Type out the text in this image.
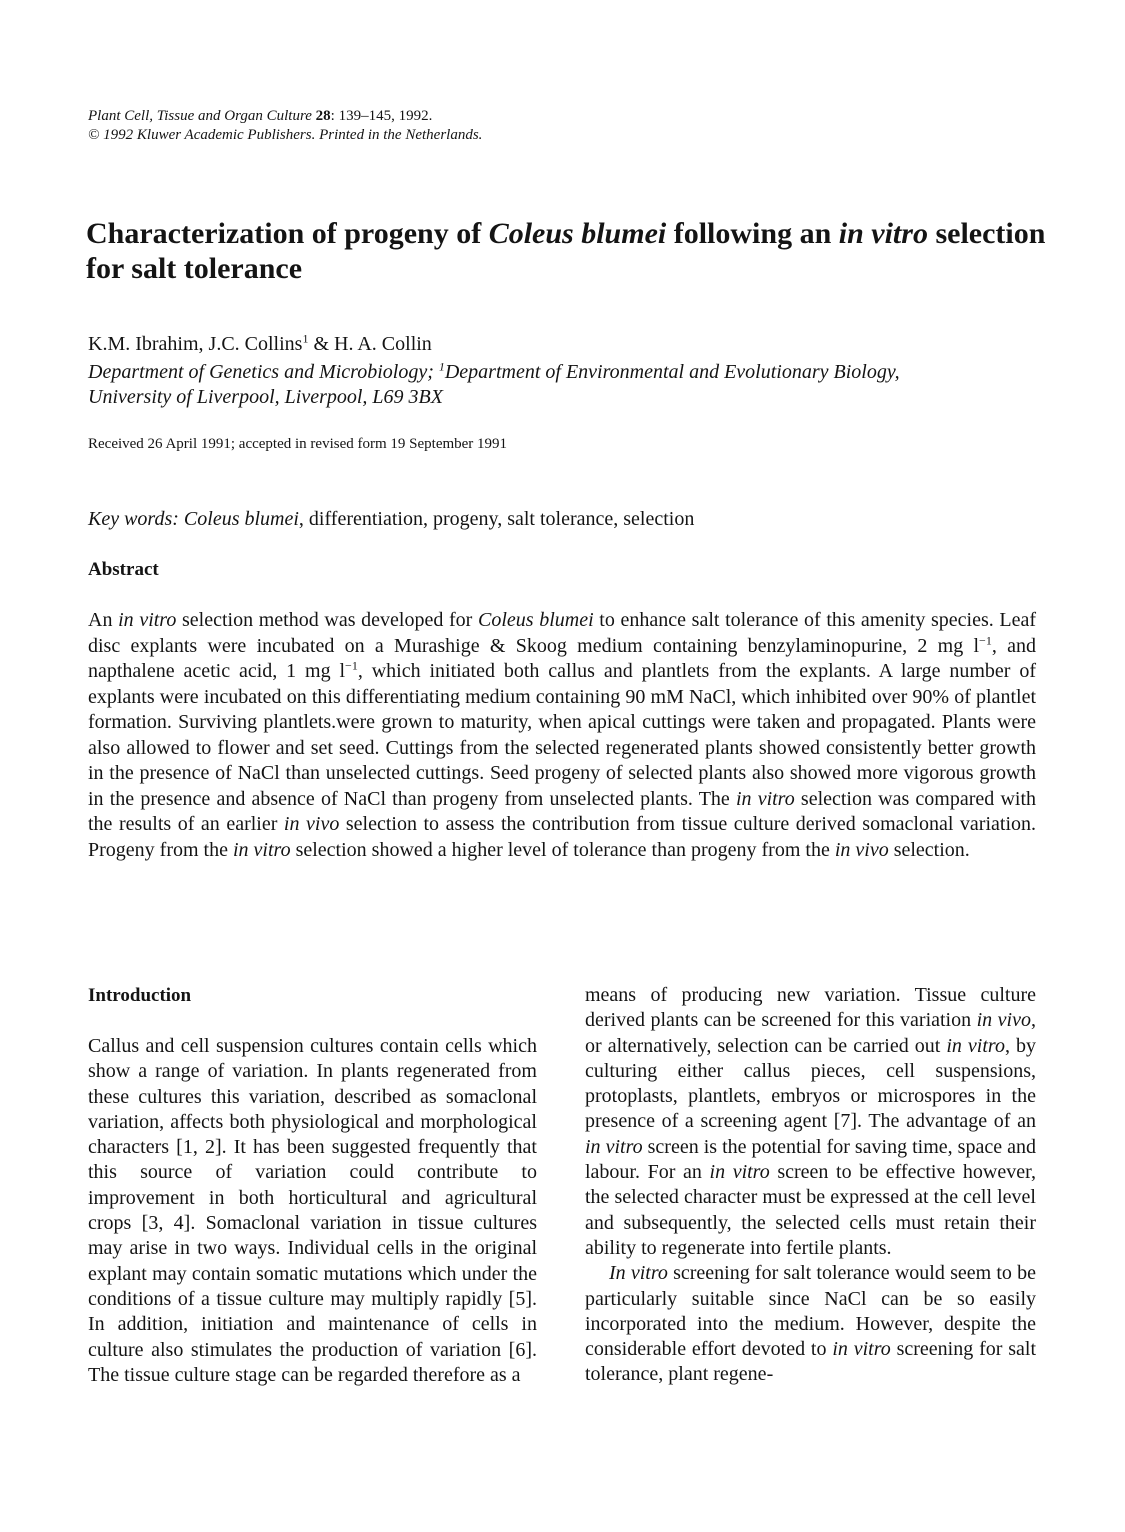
Plant Cell, Tissue and Organ Culture 28: 139–145, 1992.
© 1992 Kluwer Academic Publishers. Printed in the Netherlands.
Characterization of progeny of Coleus blumei following an in vitro selection for salt tolerance
K.M. Ibrahim, J.C. Collins$^1$ & H. A. Collin
Department of Genetics and Microbiology; $^1$Department of Environmental and Evolutionary Biology,
University of Liverpool, Liverpool, L69 3BX
Received 26 April 1991; accepted in revised form 19 September 1991
Key words: Coleus blumei, differentiation, progeny, salt tolerance, selection
Abstract

An in vitro selection method was developed for Coleus blumei to enhance salt tolerance of this amenity species. Leaf disc explants were incubated on a Murashige & Skoog medium containing benzylaminopurine, 2 mg $l^{-1}$, and napthalene acetic acid, 1 mg $l^{-1}$, which initiated both callus and plantlets from the explants. A large number of explants were incubated on this differentiating medium containing 90 mM NaCl, which inhibited over 90% of plantlet formation. Surviving plantlets.were grown to maturity, when apical cuttings were taken and propagated. Plants were also allowed to flower and set seed. Cuttings from the selected regenerated plants showed consistently better growth in the presence of NaCl than unselected cuttings. Seed progeny of selected plants also showed more vigorous growth in the presence and absence of NaCl than progeny from unselected plants. The in vitro selection was compared with the results of an earlier in vivo selection to assess the contribution from tissue culture derived somaclonal variation. Progeny from the in vitro selection showed a higher level of tolerance than progeny from the in vivo selection.

Introduction

Callus and cell suspension cultures contain cells which show a range of variation. In plants regenerated from these cultures this variation, described as somaclonal variation, affects both physiological and morphological characters [1, 2]. It has been suggested frequently that this source of variation could contribute to improvement in both horticultural and agricultural crops [3, 4]. Somaclonal variation in tissue cultures may arise in two ways. Individual cells in the original explant may contain somatic mutations which under the conditions of a tissue culture may multiply rapidly [5]. In addition, initiation and maintenance of cells in culture also stimulates the production of variation [6]. The tissue culture stage can be regarded therefore as a

means of producing new variation. Tissue culture derived plants can be screened for this variation in vivo, or alternatively, selection can be carried out in vitro, by culturing either callus pieces, cell suspensions, protoplasts, plantlets, embryos or microspores in the presence of a screening agent [7]. The advantage of an in vitro screen is the potential for saving time, space and labour. For an in vitro screen to be effective however, the selected character must be expressed at the cell level and subsequently, the selected cells must retain their ability to regenerate into fertile plants.

In vitro screening for salt tolerance would seem to be particularly suitable since NaCl can be so easily incorporated into the medium. However, despite the considerable effort devoted to in vitro screening for salt tolerance, plant regene-
